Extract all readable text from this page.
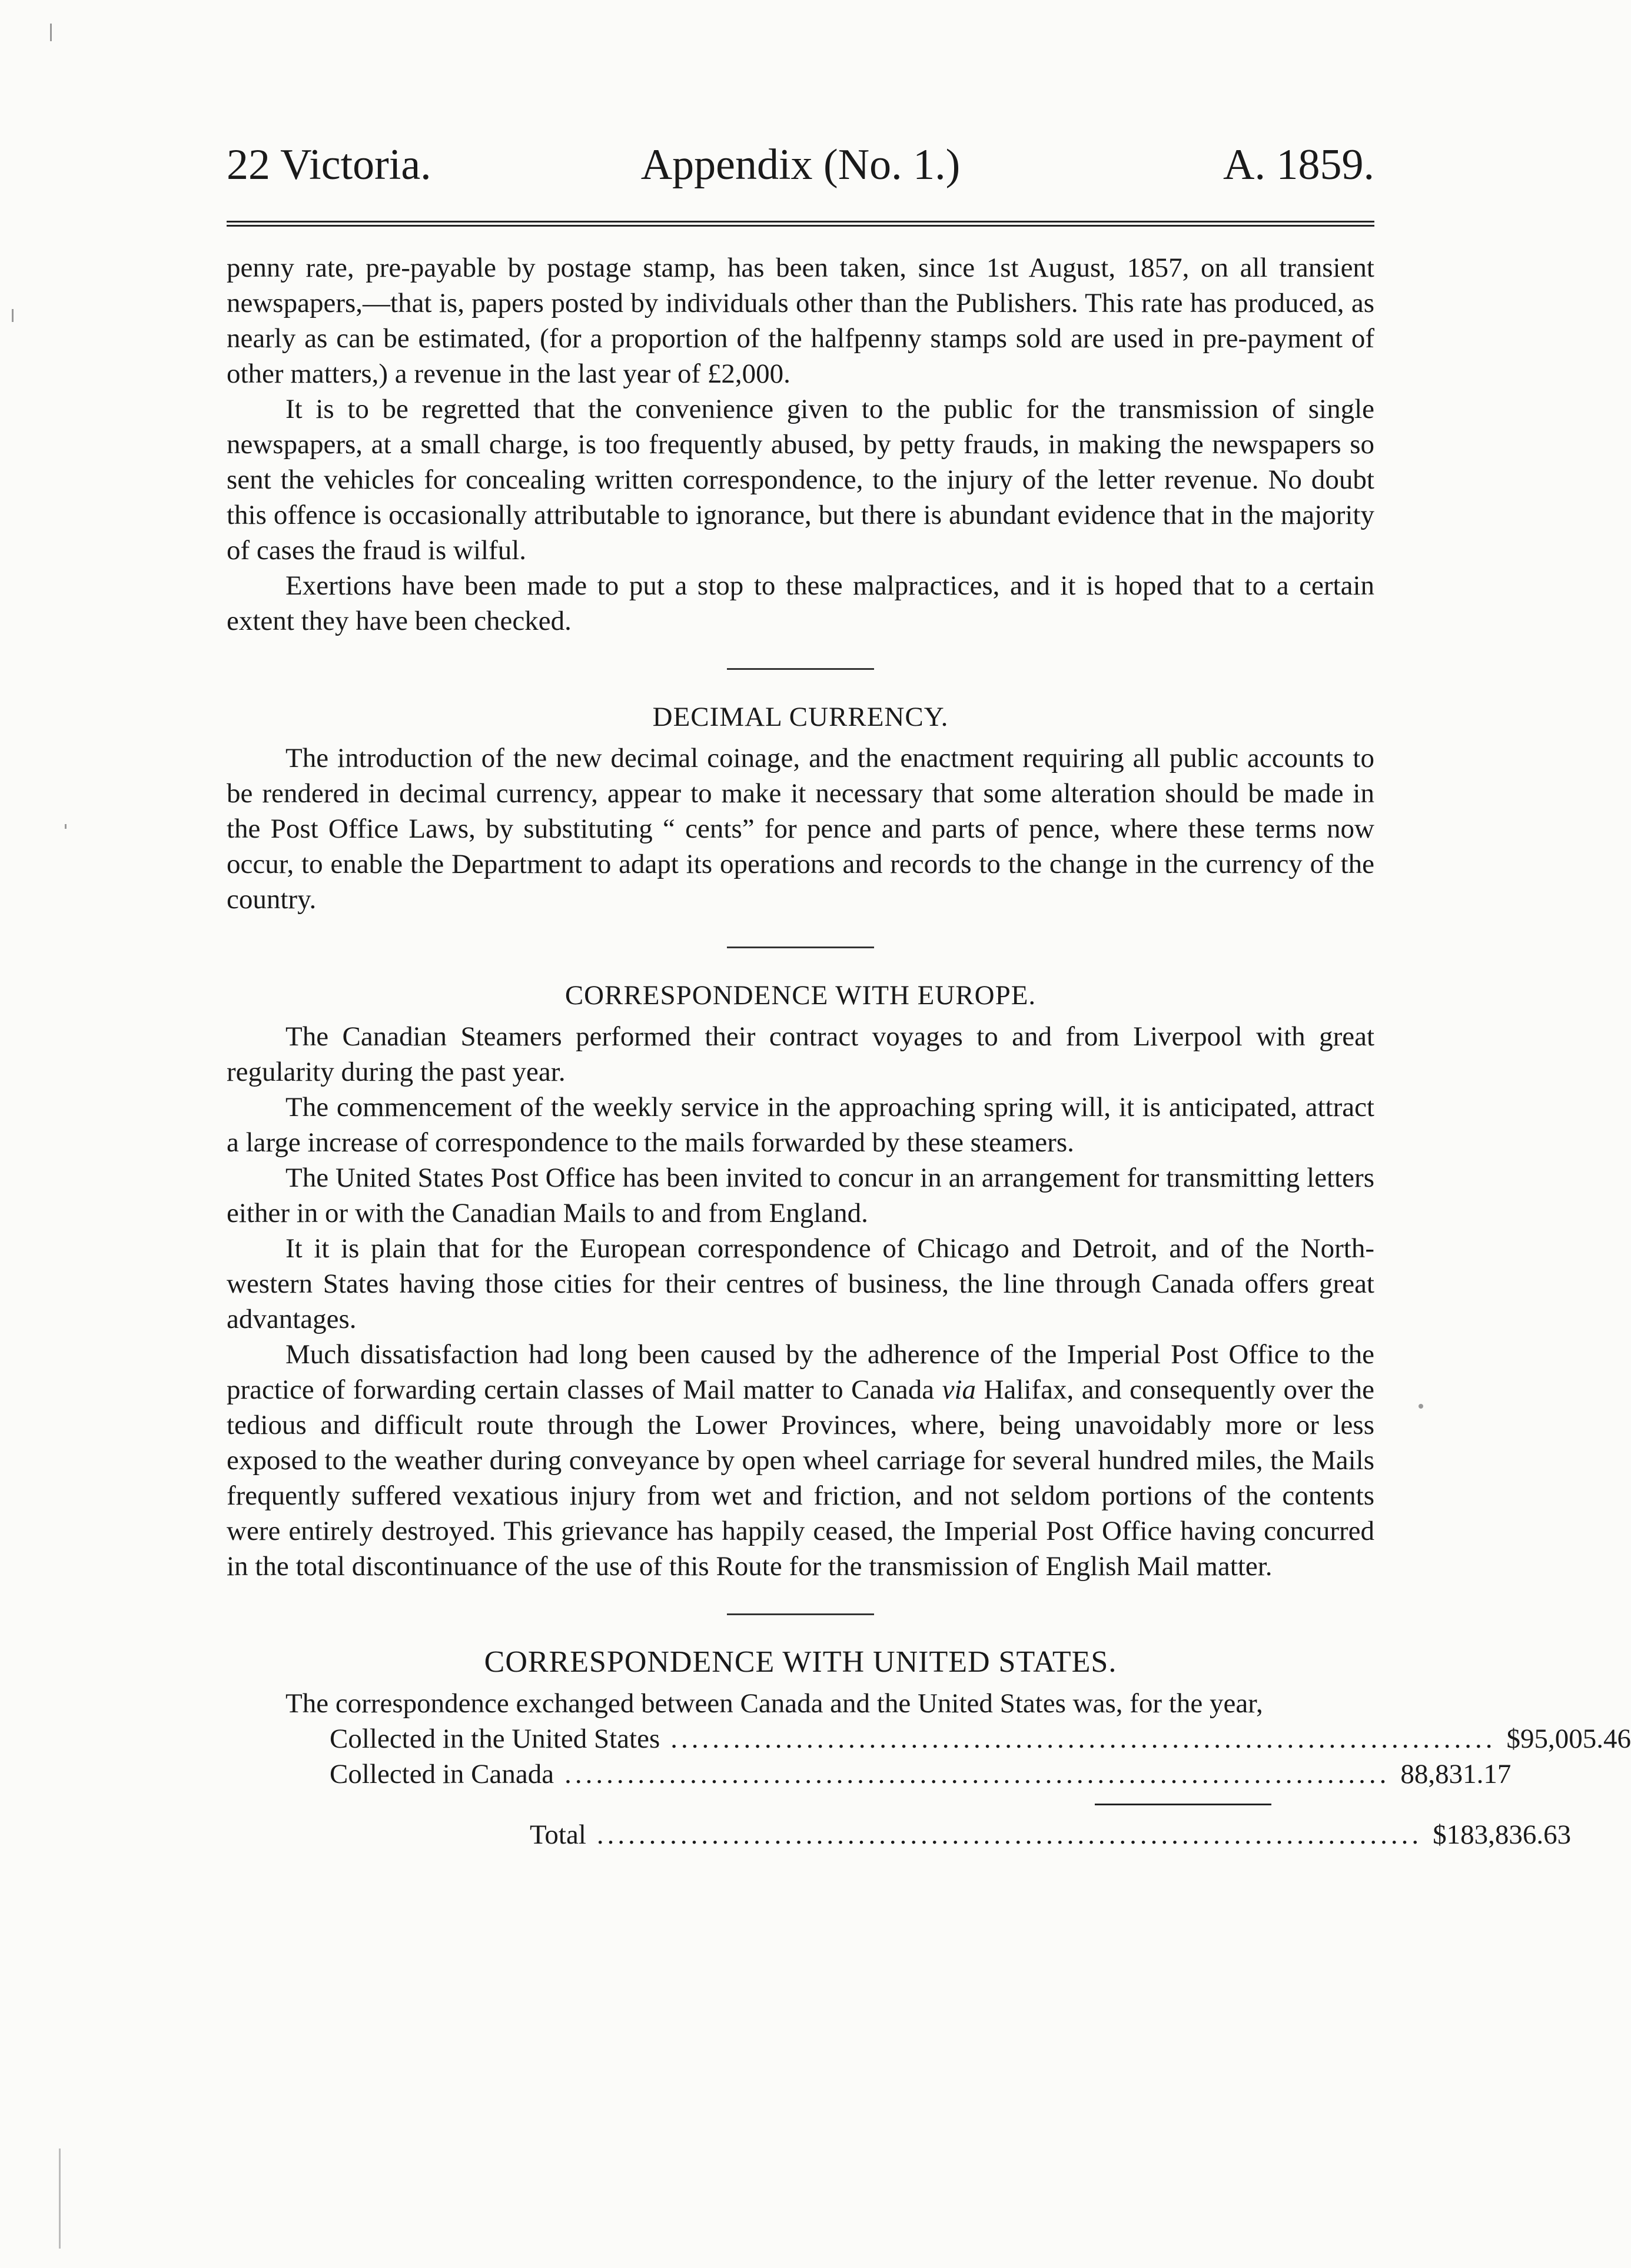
22 Victoria.	Appendix (No. 1.)	A. 1859.

penny rate, pre-payable by postage stamp, has been taken, since 1st August, 1857, on all transient newspapers,—that is, papers posted by individuals other than the Publishers. This rate has produced, as nearly as can be estimated, (for a proportion of the halfpenny stamps sold are used in pre-payment of other matters,) a revenue in the last year of £2,000.

It is to be regretted that the convenience given to the public for the transmission of single newspapers, at a small charge, is too frequently abused, by petty frauds, in making the newspapers so sent the vehicles for concealing written correspondence, to the injury of the letter revenue. No doubt this offence is occasionally attributable to ignorance, but there is abundant evidence that in the majority of cases the fraud is wilful.

Exertions have been made to put a stop to these malpractices, and it is hoped that to a certain extent they have been checked.

DECIMAL CURRENCY.

The introduction of the new decimal coinage, and the enactment requiring all public accounts to be rendered in decimal currency, appear to make it necessary that some alteration should be made in the Post Office Laws, by substituting “ cents” for pence and parts of pence, where these terms now occur, to enable the Department to adapt its operations and records to the change in the currency of the country.

CORRESPONDENCE WITH EUROPE.

The Canadian Steamers performed their contract voyages to and from Liverpool with great regularity during the past year.

The commencement of the weekly service in the approaching spring will, it is anticipated, attract a large increase of correspondence to the mails forwarded by these steamers.

The United States Post Office has been invited to concur in an arrangement for transmitting letters either in or with the Canadian Mails to and from England.

It it is plain that for the European correspondence of Chicago and Detroit, and of the North-western States having those cities for their centres of business, the line through Canada offers great advantages.

Much dissatisfaction had long been caused by the adherence of the Imperial Post Office to the practice of forwarding certain classes of Mail matter to Canada via Halifax, and consequently over the tedious and difficult route through the Lower Provinces, where, being unavoidably more or less exposed to the weather during conveyance by open wheel carriage for several hundred miles, the Mails frequently suffered vexatious injury from wet and friction, and not seldom portions of the contents were entirely destroyed. This grievance has happily ceased, the Imperial Post Office having concurred in the total discontinuance of the use of this Route for the transmission of English Mail matter.

CORRESPONDENCE WITH UNITED STATES.

The correspondence exchanged between Canada and the United States was, for the year,

Collected in the United States ............................................................................... $95,005.46
Collected in Canada ............................................................................... 88,831.17
Total ............................................................................... $183,836.63
